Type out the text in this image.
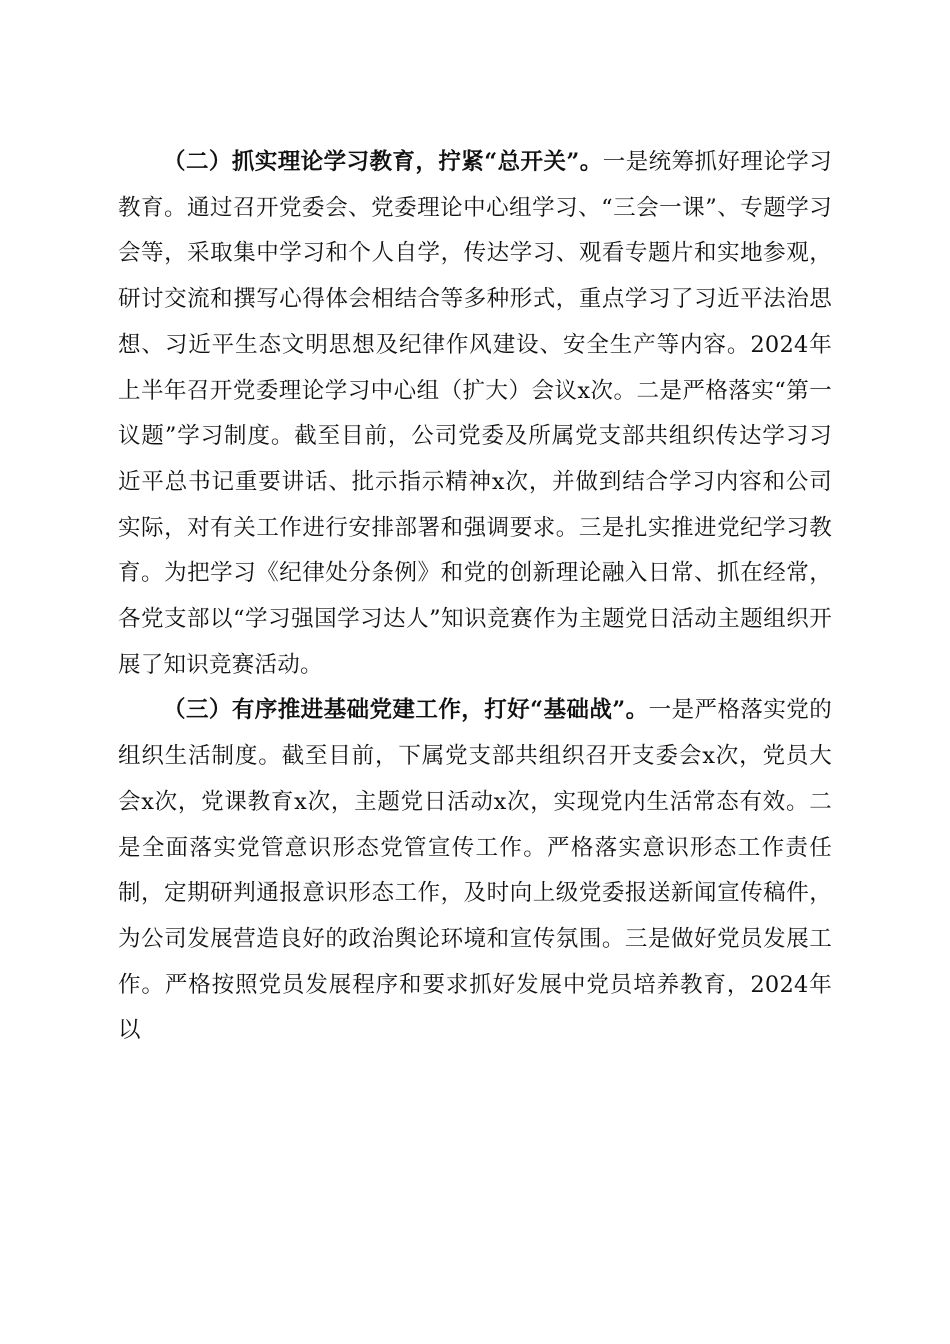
（二）抓实理论学习教育，拧紧“总开关”。一是统筹抓好理论学习教育。通过召开党委会、党委理论中心组学习、“三会一课”、专题学习会等，采取集中学习和个人自学，传达学习、观看专题片和实地参观，研讨交流和撰写心得体会相结合等多种形式，重点学习了习近平法治思想、习近平生态文明思想及纪律作风建设、安全生产等内容。2024年上半年召开党委理论学习中心组（扩大）会议x次。二是严格落实“第一议题”学习制度。截至目前，公司党委及所属党支部共组织传达学习习近平总书记重要讲话、批示指示精神x次，并做到结合学习内容和公司实际，对有关工作进行安排部署和强调要求。三是扎实推进党纪学习教育。为把学习《纪律处分条例》和党的创新理论融入日常、抓在经常，各党支部以“学习强国学习达人”知识竞赛作为主题党日活动主题组织开展了知识竞赛活动。

（三）有序推进基础党建工作，打好“基础战”。一是严格落实党的组织生活制度。截至目前，下属党支部共组织召开支委会x次，党员大会x次，党课教育x次，主题党日活动x次，实现党内生活常态有效。二是全面落实党管意识形态党管宣传工作。严格落实意识形态工作责任制，定期研判通报意识形态工作，及时向上级党委报送新闻宣传稿件，为公司发展营造良好的政治舆论环境和宣传氛围。三是做好党员发展工作。严格按照党员发展程序和要求抓好发展中党员培养教育，2024年以
